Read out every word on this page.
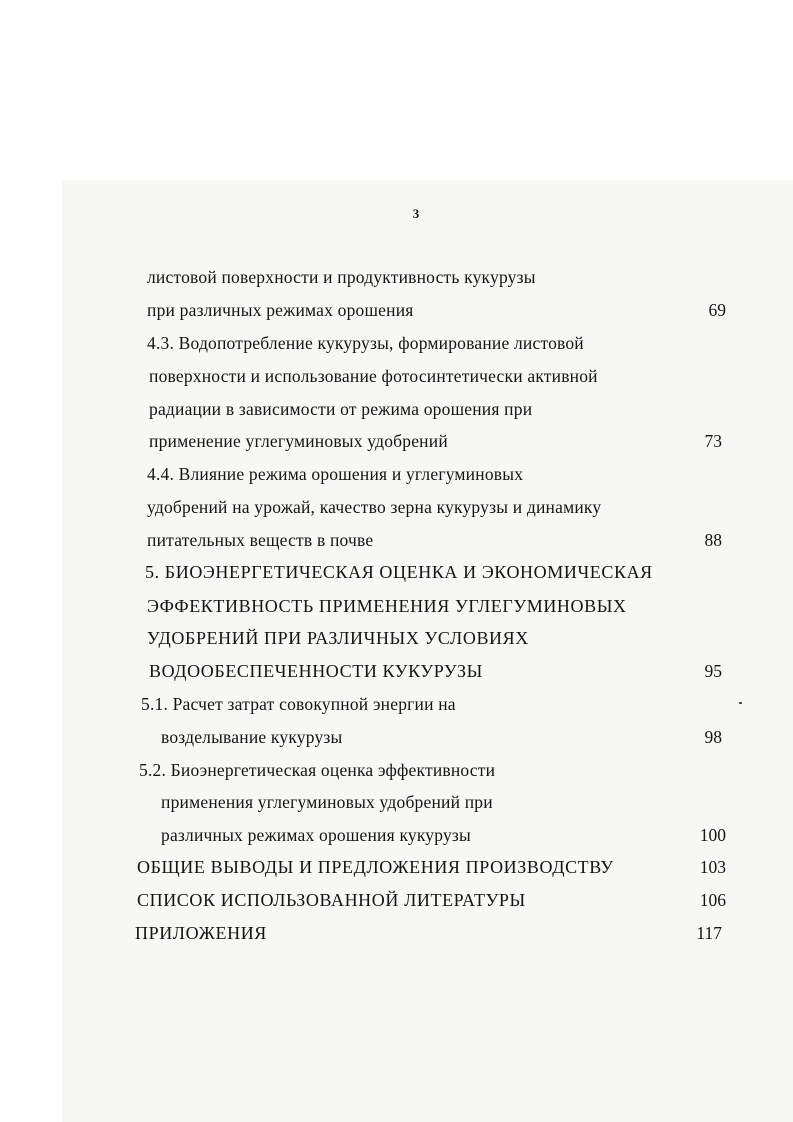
3
листовой поверхности и продуктивность кукурузы
при различных режимах орошения	69
4.3. Водопотребление кукурузы, формирование листовой
поверхности и использование фотосинтетически активной
радиации в зависимости от режима орошения при
применение углегуминовых удобрений	73
4.4. Влияние режима орошения и углегуминовых
удобрений на урожай, качество зерна кукурузы и динамику
питательных веществ в почве	88
5. БИОЭНЕРГЕТИЧЕСКАЯ ОЦЕНКА И ЭКОНОМИЧЕСКАЯ
ЭФФЕКТИВНОСТЬ ПРИМЕНЕНИЯ УГЛЕГУМИНОВЫХ
УДОБРЕНИЙ ПРИ РАЗЛИЧНЫХ УСЛОВИЯХ
ВОДООБЕСПЕЧЕННОСТИ КУКУРУЗЫ	95
5.1. Расчет затрат совокупной энергии на
возделывание кукурузы	98
5.2. Биоэнергетическая оценка эффективности
применения углегуминовых удобрений при
различных режимах орошения кукурузы	100
ОБЩИЕ ВЫВОДЫ И ПРЕДЛОЖЕНИЯ ПРОИЗВОДСТВУ	103
СПИСОК ИСПОЛЬЗОВАННОЙ ЛИТЕРАТУРЫ	106
ПРИЛОЖЕНИЯ	117
